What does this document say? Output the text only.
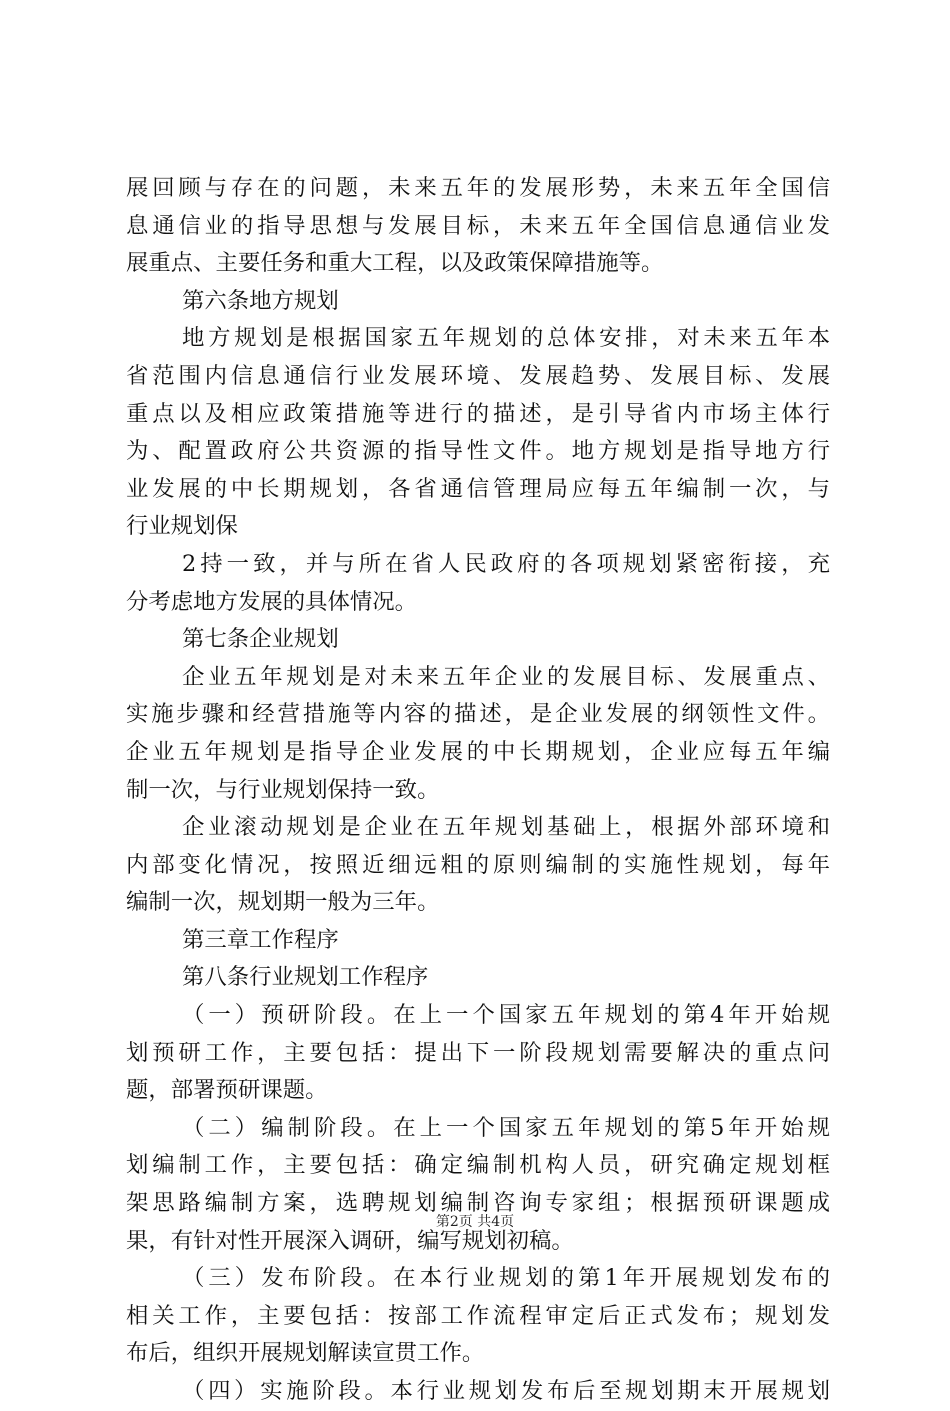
展回顾与存在的问题，未来五年的发展形势，未来五年全国信
息通信业的指导思想与发展目标，未来五年全国信息通信业发
展重点、主要任务和重大工程，以及政策保障措施等。
第六条地方规划
地方规划是根据国家五年规划的总体安排，对未来五年本
省范围内信息通信行业发展环境、发展趋势、发展目标、发展
重点以及相应政策措施等进行的描述，是引导省内市场主体行
为、配置政府公共资源的指导性文件。地方规划是指导地方行
业发展的中长期规划，各省通信管理局应每五年编制一次，与
行业规划保
2持一致，并与所在省人民政府的各项规划紧密衔接，充
分考虑地方发展的具体情况。
第七条企业规划
企业五年规划是对未来五年企业的发展目标、发展重点、
实施步骤和经营措施等内容的描述，是企业发展的纲领性文件。
企业五年规划是指导企业发展的中长期规划，企业应每五年编
制一次，与行业规划保持一致。
企业滚动规划是企业在五年规划基础上，根据外部环境和
内部变化情况，按照近细远粗的原则编制的实施性规划，每年
编制一次，规划期一般为三年。
第三章工作程序
第八条行业规划工作程序
（一）预研阶段。在上一个国家五年规划的第4年开始规
划预研工作，主要包括：提出下一阶段规划需要解决的重点问
题，部署预研课题。
（二）编制阶段。在上一个国家五年规划的第5年开始规
划编制工作，主要包括：确定编制机构人员，研究确定规划框
架思路编制方案，选聘规划编制咨询专家组；根据预研课题成
果，有针对性开展深入调研，编写规划初稿。
（三）发布阶段。在本行业规划的第1年开展规划发布的
相关工作，主要包括：按部工作流程审定后正式发布；规划发
布后，组织开展规划解读宣贯工作。
（四）实施阶段。本行业规划发布后至规划期末开展规划
第2页 共4页
